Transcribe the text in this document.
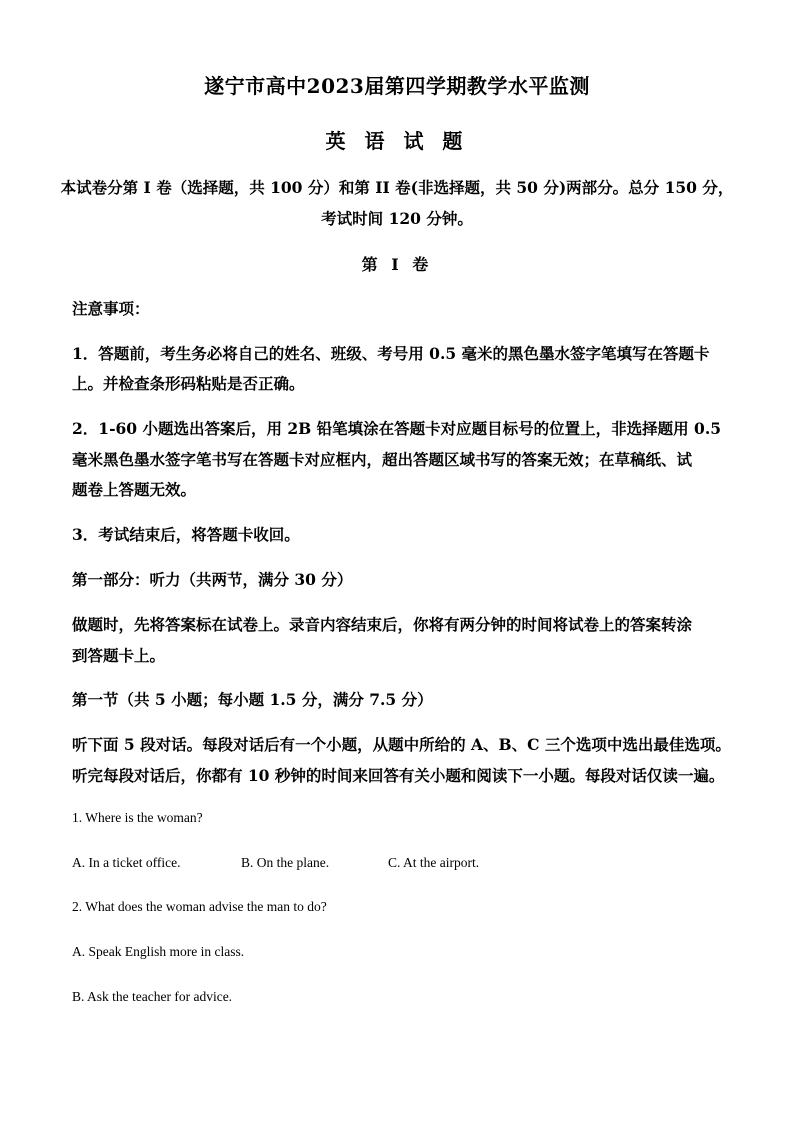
遂宁市高中2023届第四学期教学水平监测
英 语 试 题
本试卷分第 I 卷（选择题，共 100 分）和第 II 卷(非选择题，共 50 分)两部分。总分 150 分，
考试时间 120 分钟。
第 I 卷
注意事项：
1．答题前，考生务必将自己的姓名、班级、考号用 0.5 毫米的黑色墨水签字笔填写在答题卡
上。并检查条形码粘贴是否正确。
2．1-60 小题选出答案后，用 2B 铅笔填涂在答题卡对应题目标号的位置上，非选择题用 0.5
毫米黑色墨水签字笔书写在答题卡对应框内，超出答题区域书写的答案无效；在草稿纸、试
题卷上答题无效。
3．考试结束后，将答题卡收回。
第一部分：听力（共两节，满分 30 分）
做题时，先将答案标在试卷上。录音内容结束后，你将有两分钟的时间将试卷上的答案转涂
到答题卡上。
第一节（共 5 小题；每小题 1.5 分，满分 7.5 分）
听下面 5 段对话。每段对话后有一个小题，从题中所给的 A、B、C 三个选项中选出最佳选项。
听完每段对话后，你都有 10 秒钟的时间来回答有关小题和阅读下一小题。每段对话仅读一遍。
1. Where is the woman?
A. In a ticket office.	B. On the plane.	C. At the airport.
2. What does the woman advise the man to do?
A. Speak English more in class.
B. Ask the teacher for advice.
